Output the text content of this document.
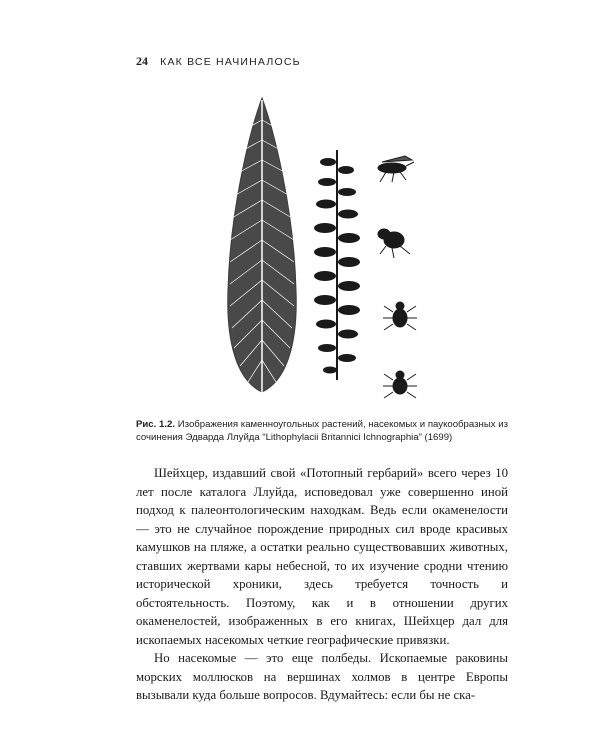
24 КАК ВСЕ НАЧИНАЛОСЬ
Рис. 1.2. Изображения каменноугольных растений, насекомых и паукообразных из сочинения Эдварда Ллуйда “Lithophylacii Britannici Ichnographia” (1699)

Шейхцер, издавший свой «Потопный гербарий» всего через 10 лет после каталога Ллуйда, исповедовал уже совершенно иной подход к палеонтологическим находкам. Ведь если окаменелости — это не случайное порождение природных сил вроде красивых камушков на пляже, а остатки реально существовавших животных, ставших жертвами кары небесной, то их изучение сродни чтению исторической хроники, здесь требуется точность и обстоятельность. Поэтому, как и в отношении других окаменелостей, изображенных в его книгах, Шейхцер дал для ископаемых насекомых четкие географические привязки.

Но насекомые — это еще полбеды. Ископаемые раковины морских моллюсков на вершинах холмов в центре Европы вызывали куда больше вопросов. Вдумайтесь: если бы не ска-
